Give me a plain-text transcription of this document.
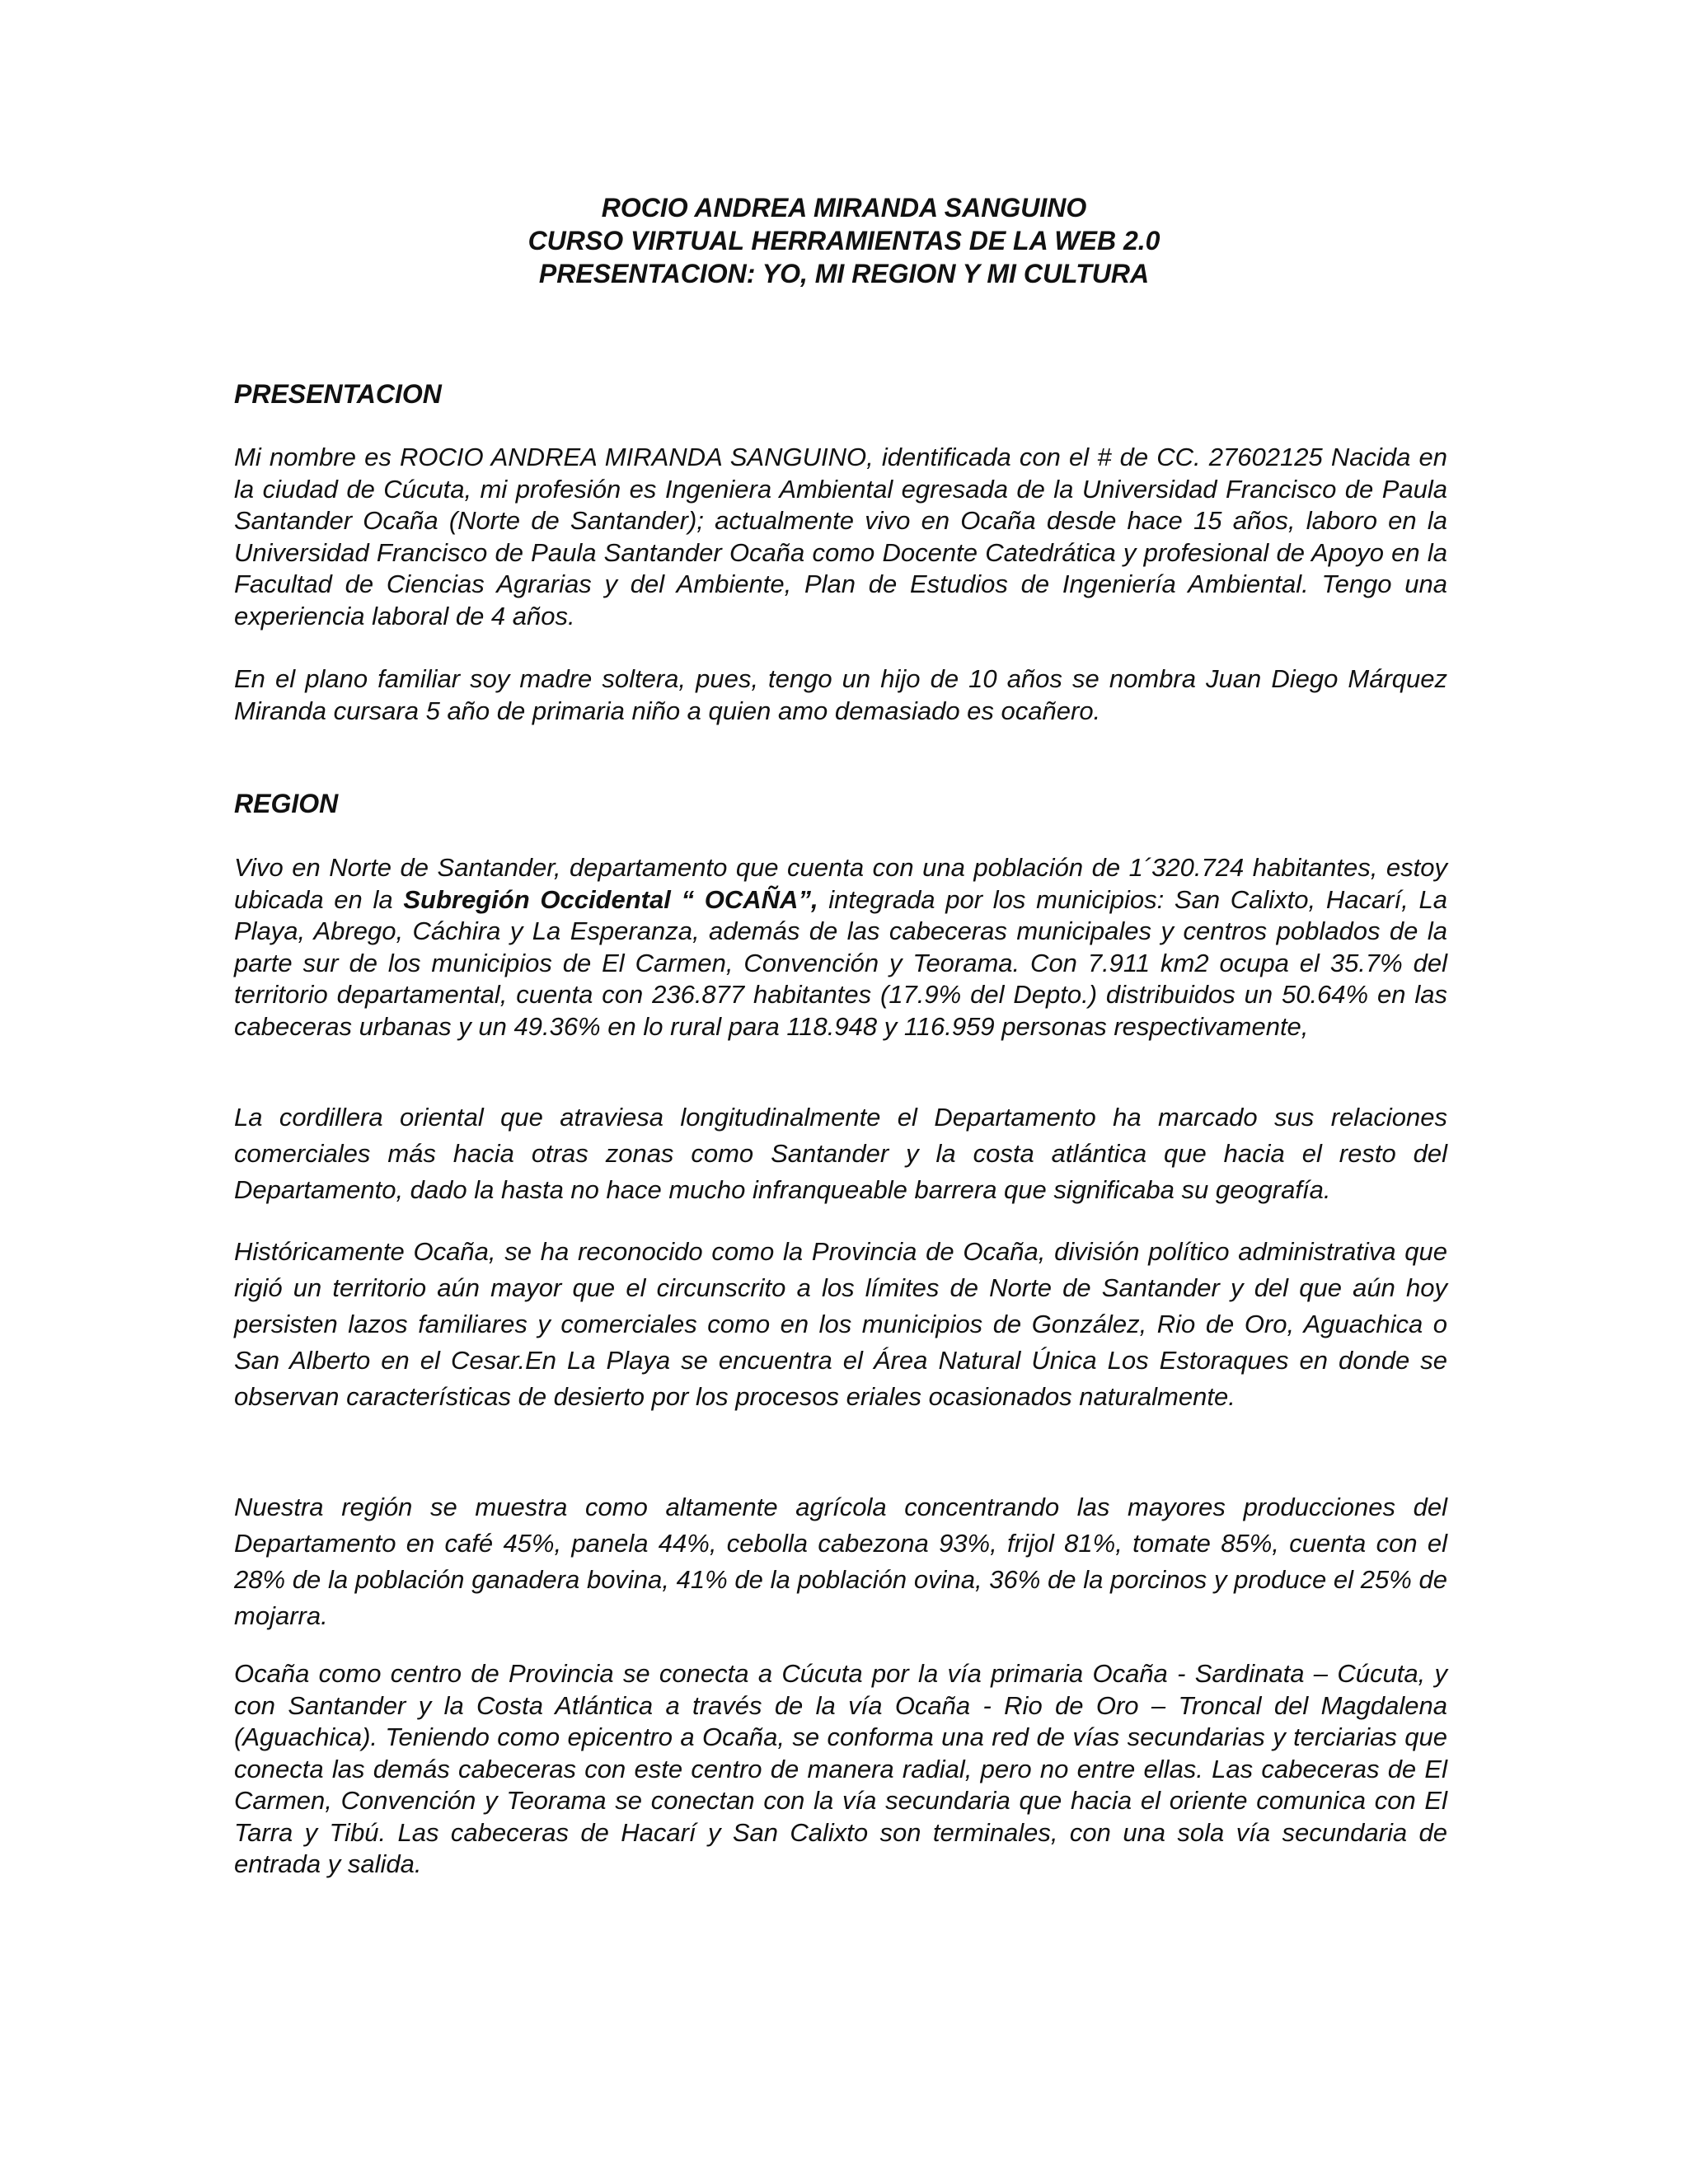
ROCIO ANDREA MIRANDA SANGUINO
CURSO VIRTUAL HERRAMIENTAS DE LA WEB 2.0
PRESENTACION: YO, MI REGION Y MI CULTURA
PRESENTACION

Mi nombre es ROCIO ANDREA MIRANDA SANGUINO, identificada con el # de CC. 27602125 Nacida en la ciudad de Cúcuta, mi profesión es Ingeniera Ambiental egresada de la Universidad Francisco de Paula Santander Ocaña (Norte de Santander); actualmente vivo en Ocaña desde hace 15 años, laboro en la Universidad Francisco de Paula Santander Ocaña como Docente Catedrática y profesional de Apoyo en la Facultad de Ciencias Agrarias y del Ambiente, Plan de Estudios de Ingeniería Ambiental. Tengo una experiencia laboral de 4 años.

En el plano familiar soy madre soltera, pues, tengo un hijo de 10 años se nombra Juan Diego Márquez Miranda cursara 5 año de primaria niño a quien amo demasiado es ocañero.

REGION

Vivo en Norte de Santander, departamento que cuenta con una población de 1´320.724 habitantes, estoy ubicada en la Subregión Occidental “ OCAÑA”, integrada por los municipios: San Calixto, Hacarí, La Playa, Abrego, Cáchira y La Esperanza, además de las cabeceras municipales y centros poblados de la parte sur de los municipios de El Carmen, Convención y Teorama. Con 7.911 km2 ocupa el 35.7% del territorio departamental, cuenta con 236.877 habitantes (17.9% del Depto.) distribuidos un 50.64% en las cabeceras urbanas y un 49.36% en lo rural para 118.948 y 116.959 personas respectivamente,

La cordillera oriental que atraviesa longitudinalmente el Departamento ha marcado sus relaciones comerciales más hacia otras zonas como Santander y la costa atlántica que hacia el resto del Departamento, dado la hasta no hace mucho infranqueable barrera que significaba su geografía.

Históricamente Ocaña, se ha reconocido como la Provincia de Ocaña, división político administrativa que rigió un territorio aún mayor que el circunscrito a los límites de Norte de Santander y del que aún hoy persisten lazos familiares y comerciales como en los municipios de González, Rio de Oro, Aguachica o San Alberto en el Cesar.En La Playa se encuentra el Área Natural Única Los Estoraques en donde se observan características de desierto por los procesos eriales ocasionados naturalmente.

Nuestra región se muestra como altamente agrícola concentrando las mayores producciones del Departamento en café 45%, panela 44%, cebolla cabezona 93%, frijol 81%, tomate 85%, cuenta con el 28% de la población ganadera bovina, 41% de la población ovina, 36% de la porcinos y produce el 25% de mojarra.

Ocaña como centro de Provincia se conecta a Cúcuta por la vía primaria Ocaña - Sardinata – Cúcuta, y con Santander y la Costa Atlántica a través de la vía Ocaña - Rio de Oro – Troncal del Magdalena (Aguachica). Teniendo como epicentro a Ocaña, se conforma una red de vías secundarias y terciarias que conecta las demás cabeceras con este centro de manera radial, pero no entre ellas. Las cabeceras de El Carmen, Convención y Teorama se conectan con la vía secundaria que hacia el oriente comunica con El Tarra y Tibú. Las cabeceras de Hacarí y San Calixto son terminales, con una sola vía secundaria de entrada y salida.
